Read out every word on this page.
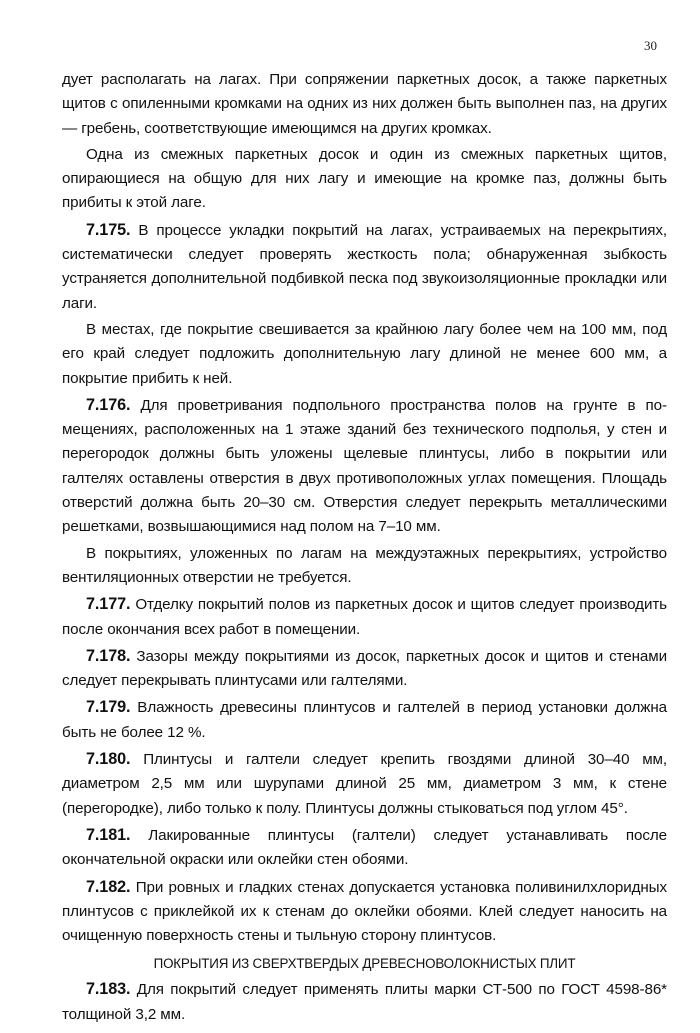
30

дует располагать на лагах. При сопряжении паркетных досок, а также паркетных щитов с опиленными кромками на одних из них должен быть выполнен паз, на других — гребень, соответствующие имеющимся на других кромках.

Одна из смежных паркетных досок и один из смежных паркетных щитов, опирающиеся на общую для них лагу и имеющие на кромке паз, должны быть прибиты к этой лаге.

7.175. В процессе укладки покрытий на лагах, устраиваемых на перекрытиях, систематически следует проверять жесткость пола; обнаруженная зыбкость устраняется дополнительной подбивкой песка под звукоизоляционные прокладки или лаги.

В местах, где покрытие свешивается за крайнюю лагу более чем на 100 мм, под его край следует подложить дополнительную лагу длиной не менее 600 мм, а покрытие прибить к ней.

7.176. Для проветривания подпольного пространства полов на грунте в помещениях, расположенных на 1 этаже зданий без технического подполья, у стен и перегородок должны быть уложены щелевые плинтусы, либо в покрытии или галтелях оставлены отверстия в двух противоположных углах помещения. Площадь отверстий должна быть 20–30 см. Отверстия следует перекрыть металлическими решетками, возвышающимися над полом на 7–10 мм.

В покрытиях, уложенных по лагам на междуэтажных перекрытиях, устройство вентиляционных отверстии не требуется.

7.177. Отделку покрытий полов из паркетных досок и щитов следует производить после окончания всех работ в помещении.

7.178. Зазоры между покрытиями из досок, паркетных досок и щитов и стенами следует перекрывать плинтусами или галтелями.

7.179. Влажность древесины плинтусов и галтелей в период установки должна быть не более 12 %.

7.180. Плинтусы и галтели следует крепить гвоздями длиной 30–40 мм, диаметром 2,5 мм или шурупами длиной 25 мм, диаметром 3 мм, к стене (перегородке), либо только к полу. Плинтусы должны стыковаться под углом 45°.

7.181. Лакированные плинтусы (галтели) следует устанавливать после окончательной окраски или оклейки стен обоями.

7.182. При ровных и гладких стенах допускается установка поливинилхлоридных плинтусов с приклейкой их к стенам до оклейки обоями. Клей следует наносить на очищенную поверхность стены и тыльную сторону плинтусов.

ПОКРЫТИЯ ИЗ СВЕРХТВЕРДЫХ ДРЕВЕСНОВОЛОКНИСТЫХ ПЛИТ

7.183. Для покрытий следует применять плиты марки СТ-500 по ГОСТ 4598-86* толщиной 3,2 мм.
